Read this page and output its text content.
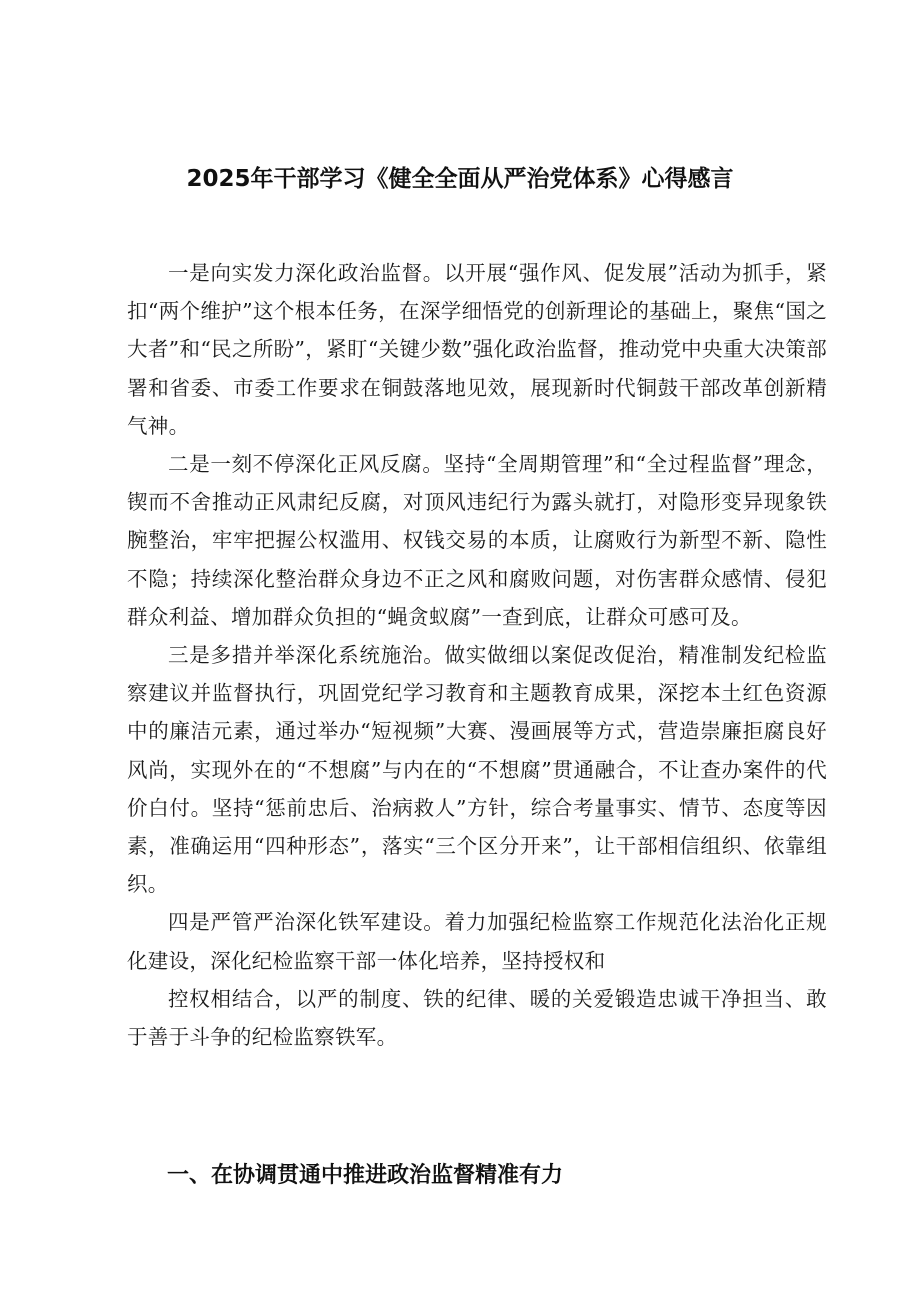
2025年干部学习《健全全面从严治党体系》心得感言

一是向实发力深化政治监督。以开展“强作风、促发展”活动为抓手，紧扣“两个维护”这个根本任务，在深学细悟党的创新理论的基础上，聚焦“国之大者”和“民之所盼”，紧盯“关键少数”强化政治监督，推动党中央重大决策部署和省委、市委工作要求在铜鼓落地见效，展现新时代铜鼓干部改革创新精气神。

二是一刻不停深化正风反腐。坚持“全周期管理”和“全过程监督”理念，锲而不舍推动正风肃纪反腐，对顶风违纪行为露头就打，对隐形变异现象铁腕整治，牢牢把握公权滥用、权钱交易的本质，让腐败行为新型不新、隐性不隐；持续深化整治群众身边不正之风和腐败问题，对伤害群众感情、侵犯群众利益、增加群众负担的“蝇贪蚁腐”一查到底，让群众可感可及。

三是多措并举深化系统施治。做实做细以案促改促治，精准制发纪检监察建议并监督执行，巩固党纪学习教育和主题教育成果，深挖本土红色资源中的廉洁元素，通过举办“短视频”大赛、漫画展等方式，营造崇廉拒腐良好风尚，实现外在的“不想腐”与内在的“不想腐”贯通融合，不让查办案件的代价白付。坚持“惩前忠后、治病救人”方针，综合考量事实、情节、态度等因素，准确运用“四种形态”，落实“三个区分开来”，让干部相信组织、依靠组织。

四是严管严治深化铁军建设。着力加强纪检监察工作规范化法治化正规化建设，深化纪检监察干部一体化培养，坚持授权和

控权相结合，以严的制度、铁的纪律、暖的关爱锻造忠诚干净担当、敢于善于斗争的纪检监察铁军。

一、在协调贯通中推进政治监督精准有力
